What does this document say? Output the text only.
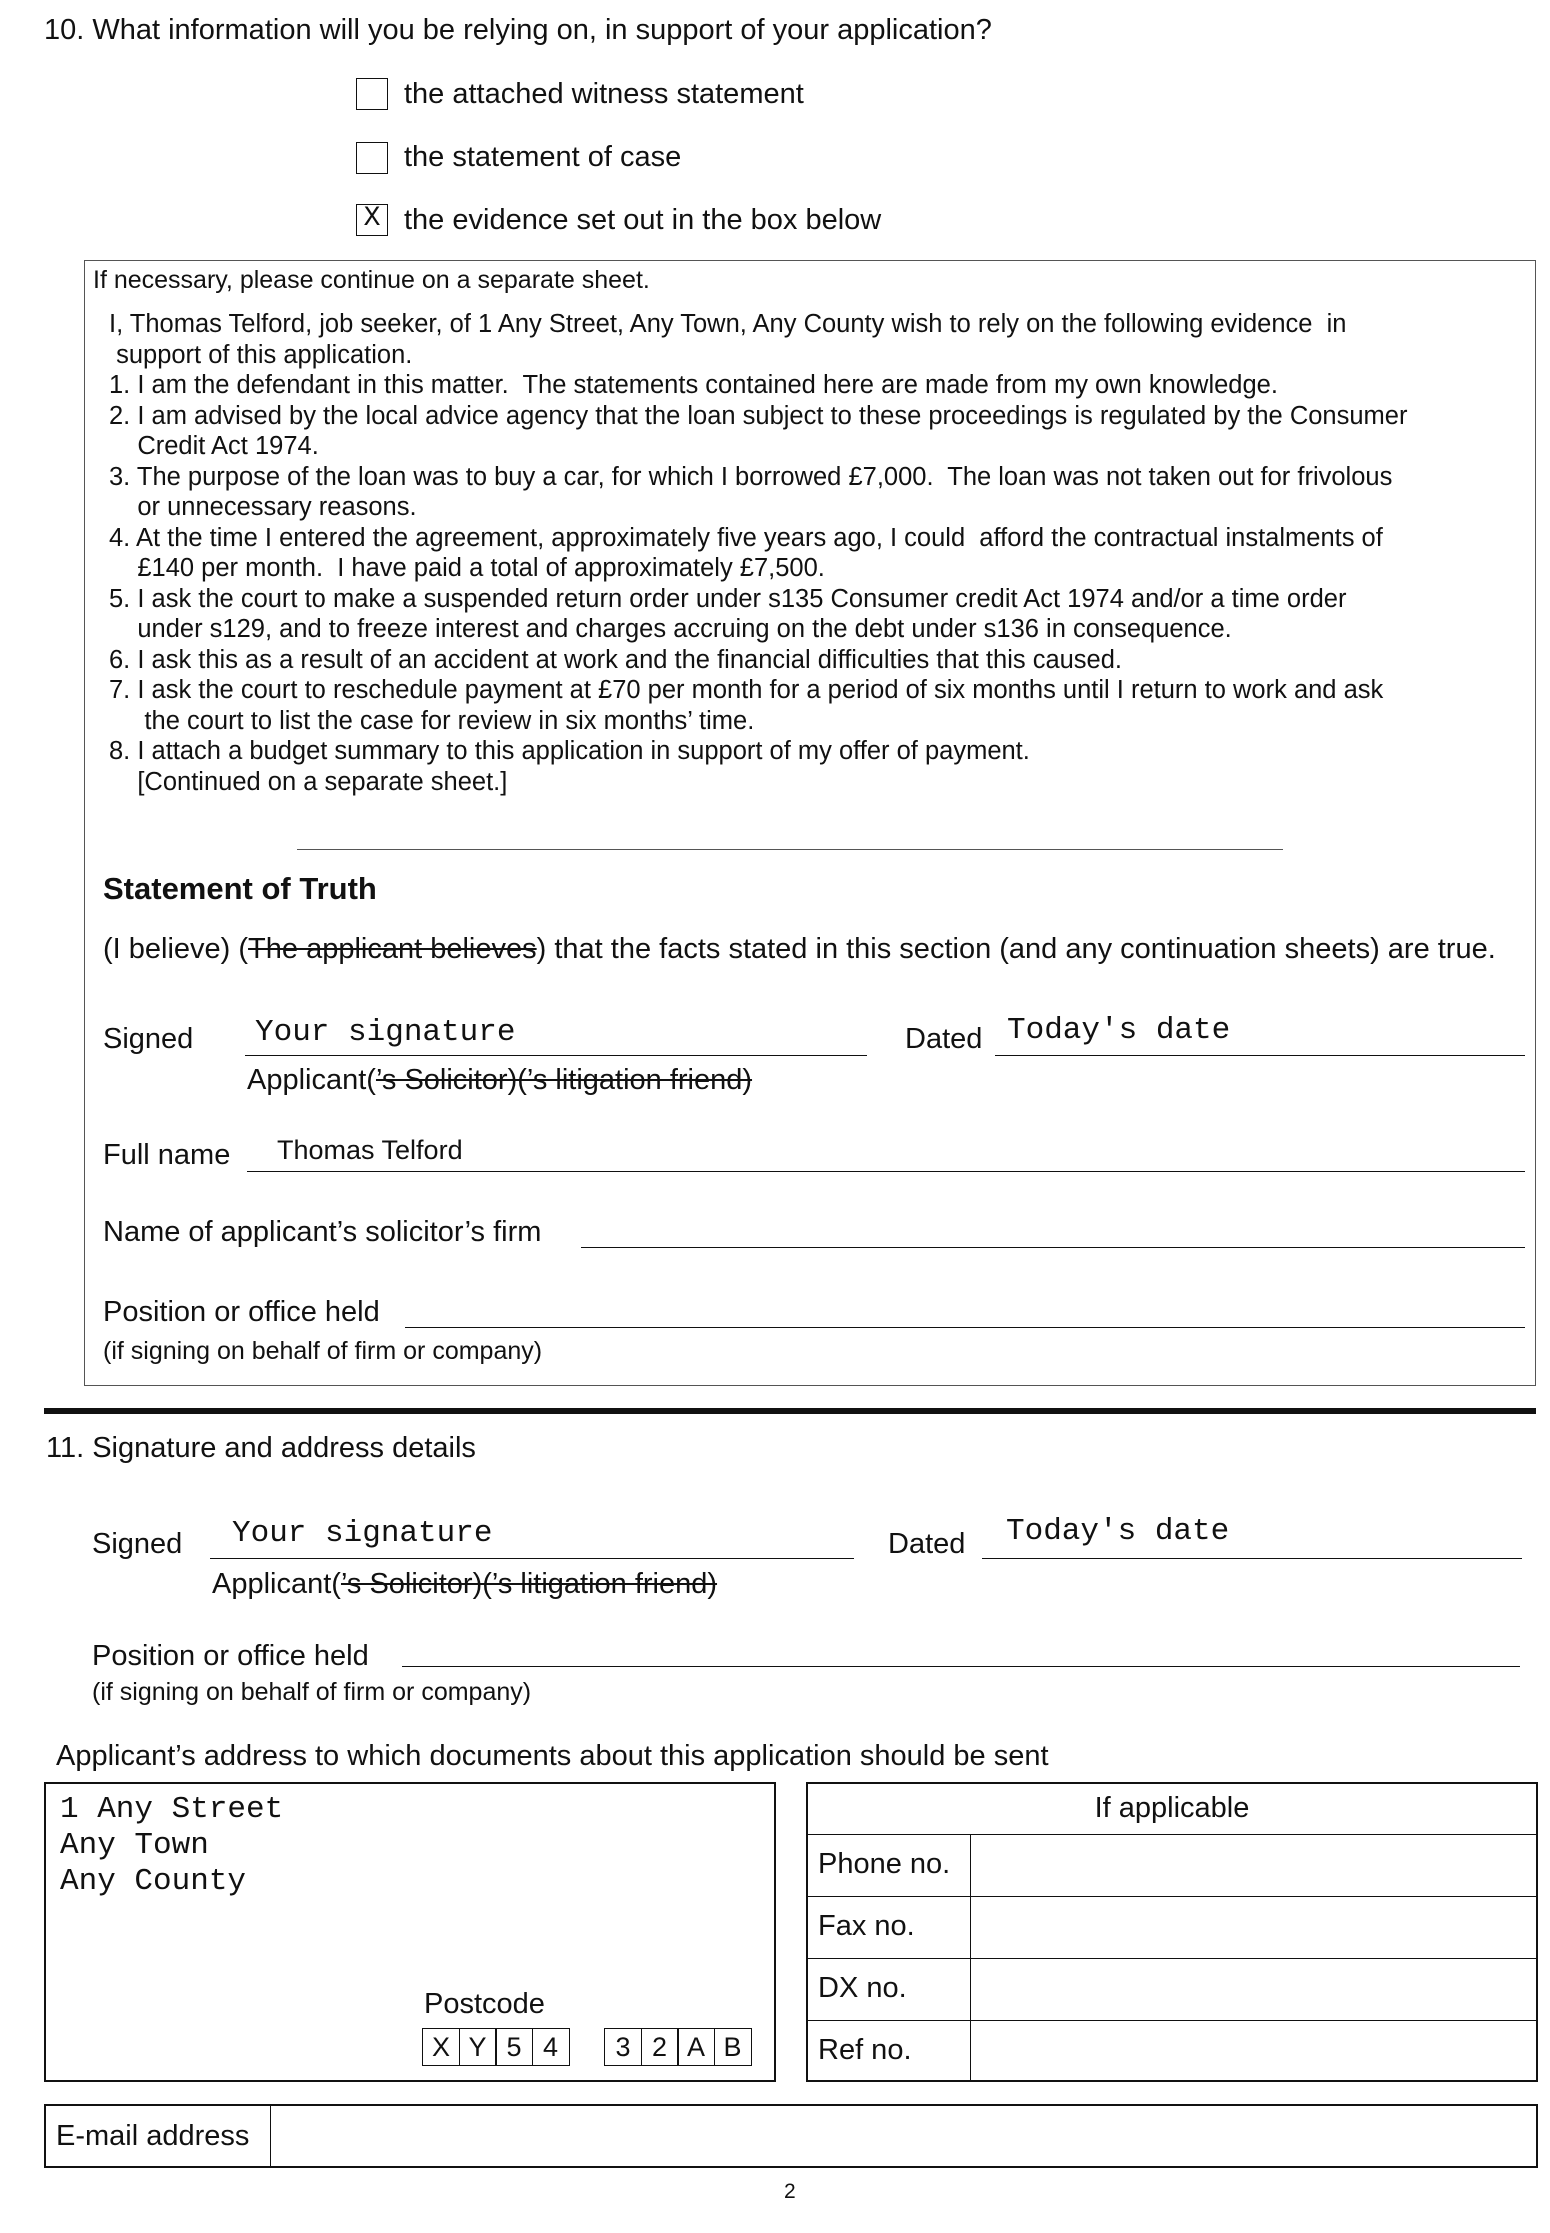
10. What information will you be relying on, in support of your application?
the attached witness statement
the statement of case
X the evidence set out in the box below
If necessary, please continue on a separate sheet.
I, Thomas Telford, job seeker, of 1 Any Street, Any Town, Any County wish to rely on the following evidence  in
support of this application.
1. I am the defendant in this matter.  The statements contained here are made from my own knowledge.
2. I am advised by the local advice agency that the loan subject to these proceedings is regulated by the Consumer
Credit Act 1974.
3. The purpose of the loan was to buy a car, for which I borrowed £7,000.  The loan was not taken out for frivolous
or unnecessary reasons.
4. At the time I entered the agreement, approximately five years ago, I could  afford the contractual instalments of
£140 per month.  I have paid a total of approximately £7,500.
5. I ask the court to make a suspended return order under s135 Consumer credit Act 1974 and/or a time order
under s129, and to freeze interest and charges accruing on the debt under s136 in consequence.
6. I ask this as a result of an accident at work and the financial difficulties that this caused.
7. I ask the court to reschedule payment at £70 per month for a period of six months until I return to work and ask
the court to list the case for review in six months’ time.
8. I attach a budget summary to this application in support of my offer of payment.
[Continued on a separate sheet.]
Statement of Truth
(I believe) (The applicant believes) that the facts stated in this section (and any continuation sheets) are true.
Signed Your signature	Dated Today's date
Applicant(’s Solicitor)(’s litigation friend)
Full name Thomas Telford
Name of applicant’s solicitor’s firm
Position or office held
(if signing on behalf of firm or company)
11. Signature and address details
Signed Your signature	Dated Today's date
Applicant(’s Solicitor)(’s litigation friend)
Position or office held
(if signing on behalf of firm or company)
Applicant’s address to which documents about this application should be sent
1 Any Street
Any Town
Any County
Postcode
X Y 5 4	3 2 A B
If applicable
Phone no.
Fax no.
DX no.
Ref no.
E-mail address
2
